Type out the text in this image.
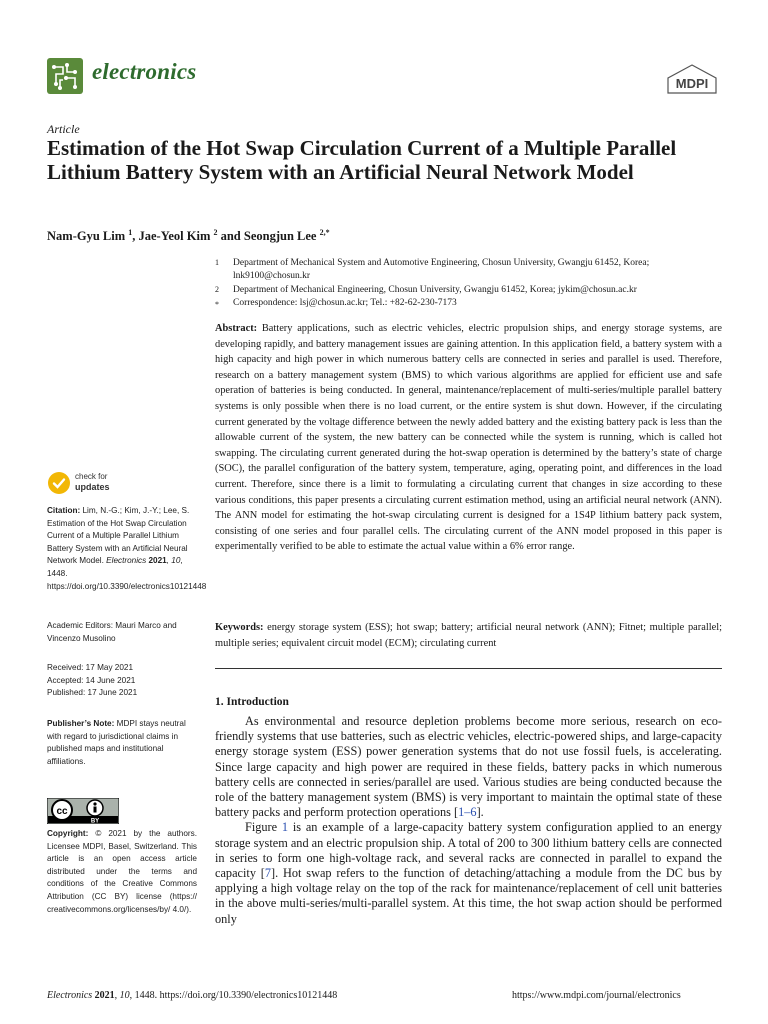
electronics	MDPI
Article
Estimation of the Hot Swap Circulation Current of a Multiple Parallel Lithium Battery System with an Artificial Neural Network Model
Nam-Gyu Lim $^1$, Jae-Yeol Kim $^2$ and Seongjun Lee $^{2,*}$
1 Department of Mechanical System and Automotive Engineering, Chosun University, Gwangju 61452, Korea; lnk9100@chosun.kr
2 Department of Mechanical Engineering, Chosun University, Gwangju 61452, Korea; jykim@chosun.ac.kr
* Correspondence: lsj@chosun.ac.kr; Tel.: +82-62-230-7173
Abstract: Battery applications, such as electric vehicles, electric propulsion ships, and energy storage systems, are developing rapidly, and battery management issues are gaining attention. In this application field, a battery system with a high capacity and high power in which numerous battery cells are connected in series and parallel is used. Therefore, research on a battery management system (BMS) to which various algorithms are applied for efficient use and safe operation of batteries is being conducted. In general, maintenance/replacement of multi-series/multiple parallel battery systems is only possible when there is no load current, or the entire system is shut down. However, if the circulating current generated by the voltage difference between the newly added battery and the existing battery pack is less than the allowable current of the system, the new battery can be connected while the system is running, which is called hot swapping. The circulating current generated during the hot-swap operation is determined by the battery’s state of charge (SOC), the parallel configuration of the battery system, temperature, aging, operating point, and differences in the load current. Therefore, since there is a limit to formulating a circulating current that changes in size according to these various conditions, this paper presents a circulating current estimation method, using an artificial neural network (ANN). The ANN model for estimating the hot-swap circulating current is designed for a 1S4P lithium battery pack system, consisting of one series and four parallel cells. The circulating current of the ANN model proposed in this paper is experimentally verified to be able to estimate the actual value within a 6% error range.
Keywords: energy storage system (ESS); hot swap; battery; artificial neural network (ANN); Fitnet; multiple parallel; multiple series; equivalent circuit model (ECM); circulating current
1. Introduction

As environmental and resource depletion problems become more serious, research on eco-friendly systems that use batteries, such as electric vehicles, electric-powered ships, and large-capacity energy storage system (ESS) power generation systems that do not use fossil fuels, is accelerating. Since large capacity and high power are required in these fields, battery packs in which numerous battery cells are connected in series/parallel are used. Various studies are being conducted because the role of the battery management system (BMS) is very important to maintain the optimal state of these battery packs and perform protection operations [1–6].

Figure 1 is an example of a large-capacity battery system configuration applied to an energy storage system and an electric propulsion ship. A total of 200 to 300 lithium battery cells are connected in series to form one high-voltage rack, and several racks are connected in parallel to expand the capacity [7]. Hot swap refers to the function of detaching/attaching a module from the DC bus by applying a high voltage relay on the top of the rack for maintenance/replacement of cell unit batteries in the above multi-series/multi-parallel system. At this time, the hot swap action should be performed only

check for
updates
Citation: Lim, N.-G.; Kim, J.-Y.; Lee, S. Estimation of the Hot Swap Circulation Current of a Multiple Parallel Lithium Battery System with an Artificial Neural Network Model. Electronics 2021, 10, 1448. https://doi.org/10.3390/electronics10121448
Academic Editors: Mauri Marco and Vincenzo Musolino
Received: 17 May 2021
Accepted: 14 June 2021
Published: 17 June 2021
Publisher’s Note: MDPI stays neutral with regard to jurisdictional claims in published maps and institutional affiliations.
cc
BY
Copyright: © 2021 by the authors. Licensee MDPI, Basel, Switzerland. This article is an open access article distributed under the terms and conditions of the Creative Commons Attribution (CC BY) license (https:// creativecommons.org/licenses/by/ 4.0/).
Electronics 2021, 10, 1448. https://doi.org/10.3390/electronics10121448	https://www.mdpi.com/journal/electronics
